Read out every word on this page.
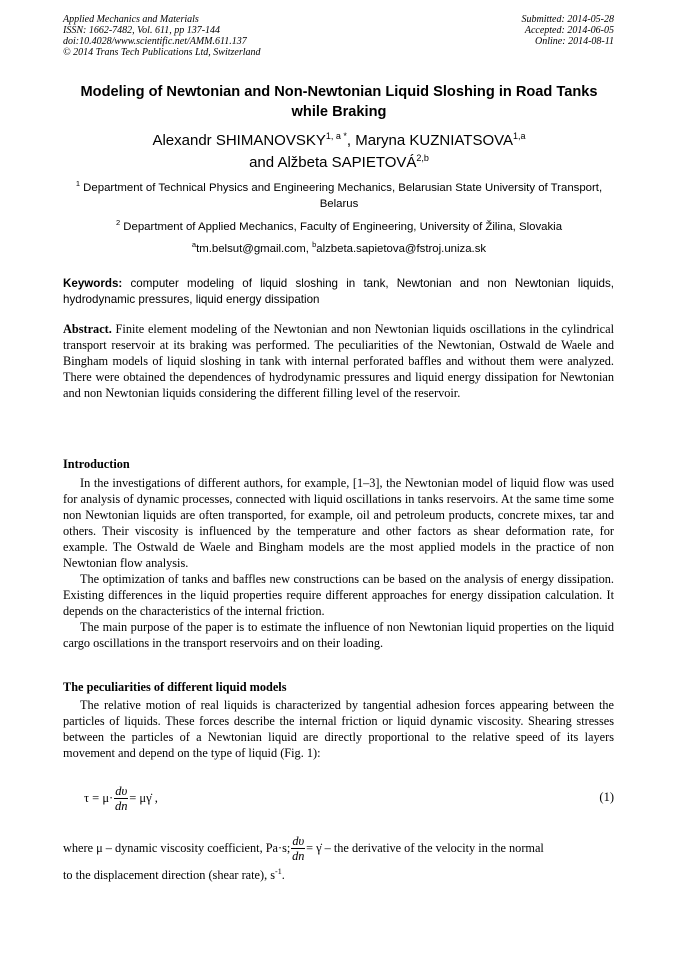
Applied Mechanics and Materials
ISSN: 1662-7482, Vol. 611, pp 137-144
doi:10.4028/www.scientific.net/AMM.611.137
© 2014 Trans Tech Publications Ltd, Switzerland
Submitted: 2014-05-28
Accepted: 2014-06-05
Online: 2014-08-11
Modeling of Newtonian and Non-Newtonian Liquid Sloshing in Road Tanks while Braking
Alexandr $SHIMANOVSKY^{1, a *}$, Maryna KUZNIATSOVA$^{1,a}$
and Alžbeta SAPIETOVÁ$^{2,b}$
$^1$ Department of Technical Physics and Engineering Mechanics, Belarusian State University of Transport, Belarus
$^2$ Department of Applied Mechanics, Faculty of Engineering, University of Žilina, Slovakia
$^a$tm.belsut@gmail.com, $^b$alzbeta.sapietova@fstroj.uniza.sk
Keywords: computer modeling of liquid sloshing in tank, Newtonian and non Newtonian liquids, hydrodynamic pressures, liquid energy dissipation
Abstract. Finite element modeling of the Newtonian and non Newtonian liquids oscillations in the cylindrical transport reservoir at its braking was performed. The peculiarities of the Newtonian, Ostwald de Waele and Bingham models of liquid sloshing in tank with internal perforated baffles and without them were analyzed. There were obtained the dependences of hydrodynamic pressures and liquid energy dissipation for Newtonian and non Newtonian liquids considering the different filling level of the reservoir.
Introduction

In the investigations of different authors, for example, [1–3], the Newtonian model of liquid flow was used for analysis of dynamic processes, connected with liquid oscillations in tanks reservoirs. At the same time some non Newtonian liquids are often transported, for example, oil and petroleum products, concrete mixes, tar and others. Their viscosity is influenced by the temperature and other factors as shear deformation rate, for example. The Ostwald de Waele and Bingham models are the most applied models in the practice of non Newtonian flow analysis.

The optimization of tanks and baffles new constructions can be based on the analysis of energy dissipation. Existing differences in the liquid properties require different approaches for energy dissipation calculation. It depends on the characteristics of the internal friction.

The main purpose of the paper is to estimate the influence of non Newtonian liquid properties on the liquid cargo oscillations in the transport reservoirs and on their loading.

The peculiarities of different liquid models

The relative motion of real liquids is characterized by tangential adhesion forces appearing between the particles of liquids. These forces describe the internal friction or liquid dynamic viscosity. Shearing stresses between the particles of a Newtonian liquid are directly proportional to the relative speed of its layers movement and depend on the type of liquid (Fig. 1):

$\tau = \mu\cdot \frac{d\upsilon}{dn}$ = μγ̇ ,	(1)
where μ – dynamic viscosity coefficient, Pa·s; $\frac{d\upsilon}{dn}$ = γ̇ – the derivative of the velocity in the normal
to the displacement direction (shear rate), $s^{-1}$.
